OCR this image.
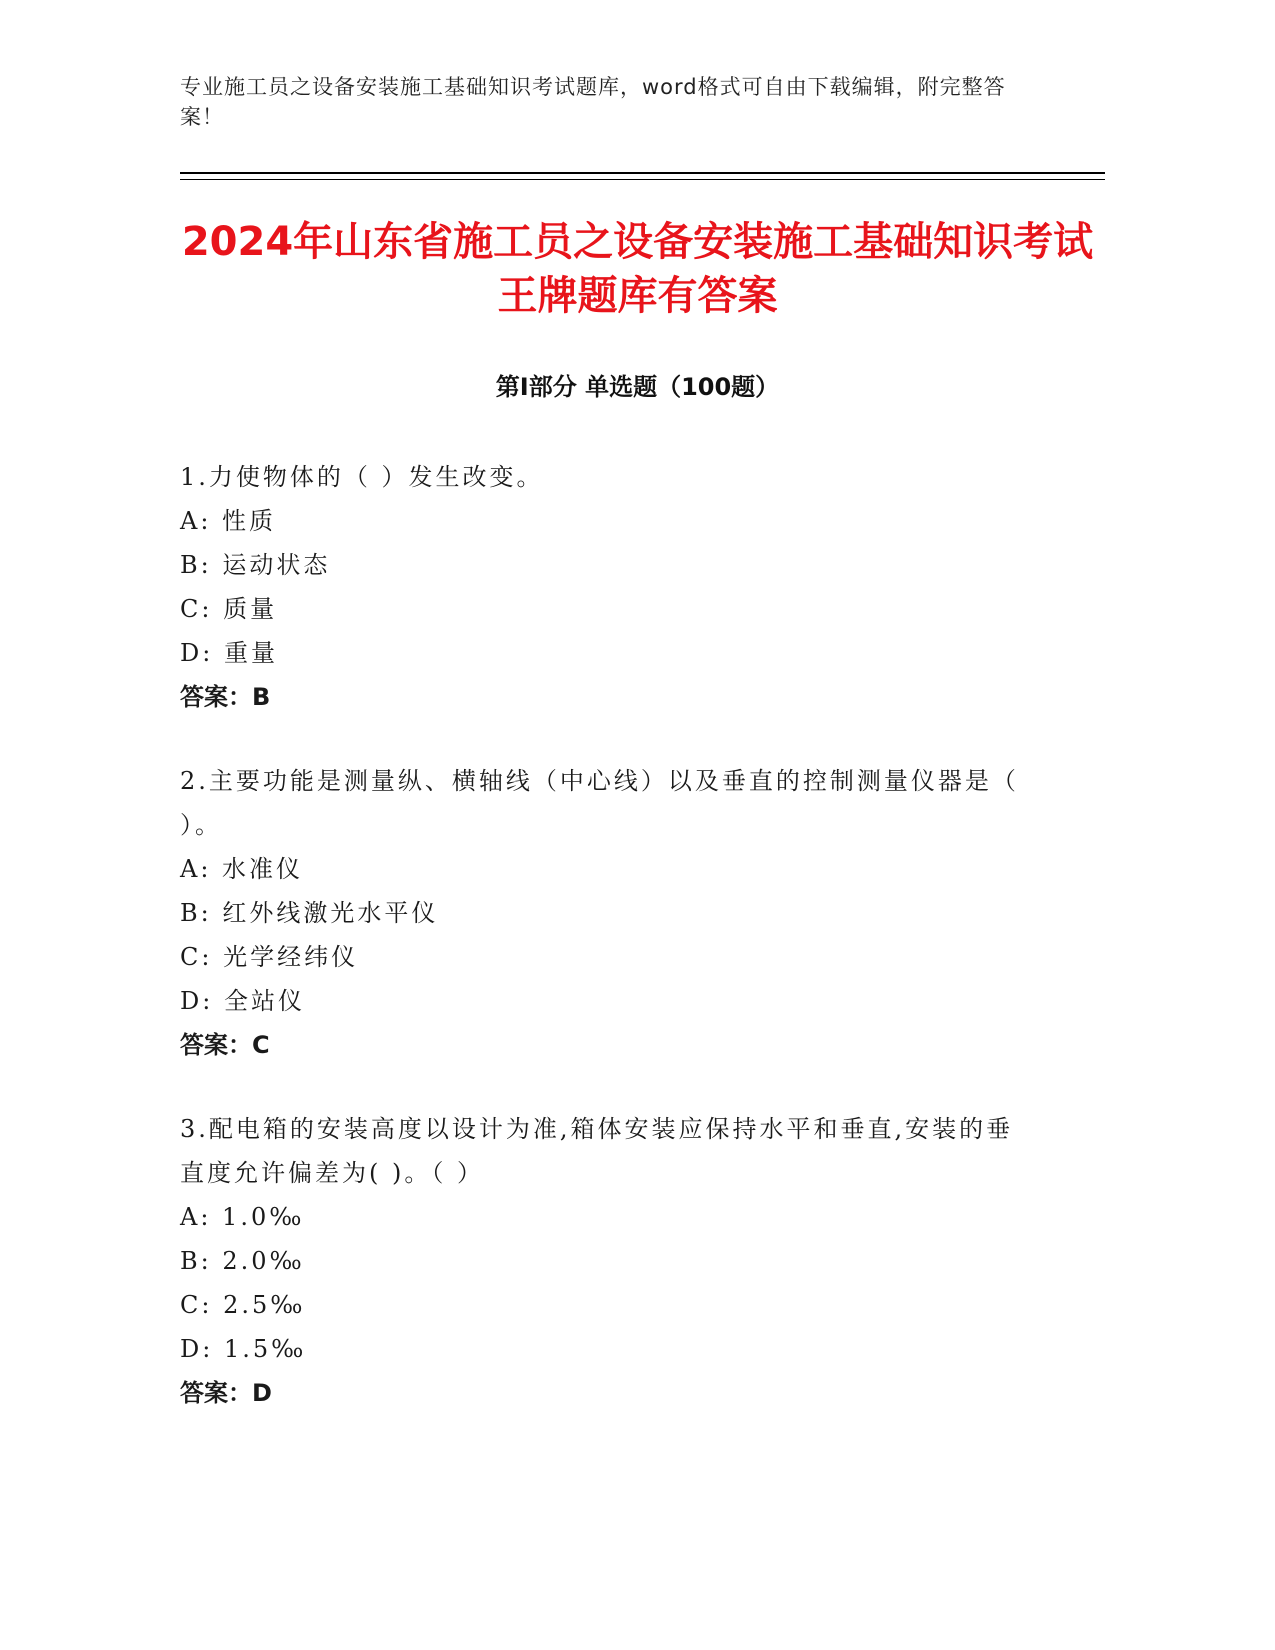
专业施工员之设备安装施工基础知识考试题库，word格式可自由下载编辑，附完整答案！
2024年山东省施工员之设备安装施工基础知识考试王牌题库有答案
第Ⅰ部分 单选题（100题）
1.力使物体的（ ）发生改变。
A: 性质
B: 运动状态
C: 质量
D: 重量
答案：B
2.主要功能是测量纵、横轴线（中心线）以及垂直的控制测量仪器是（ ）。
A: 水准仪
B: 红外线激光水平仪
C: 光学经纬仪
D: 全站仪
答案：C
3.配电箱的安装高度以设计为准,箱体安装应保持水平和垂直,安装的垂直度允许偏差为( )。（ ）
A: 1.0‰
B: 2.0‰
C: 2.5‰
D: 1.5‰
答案：D
